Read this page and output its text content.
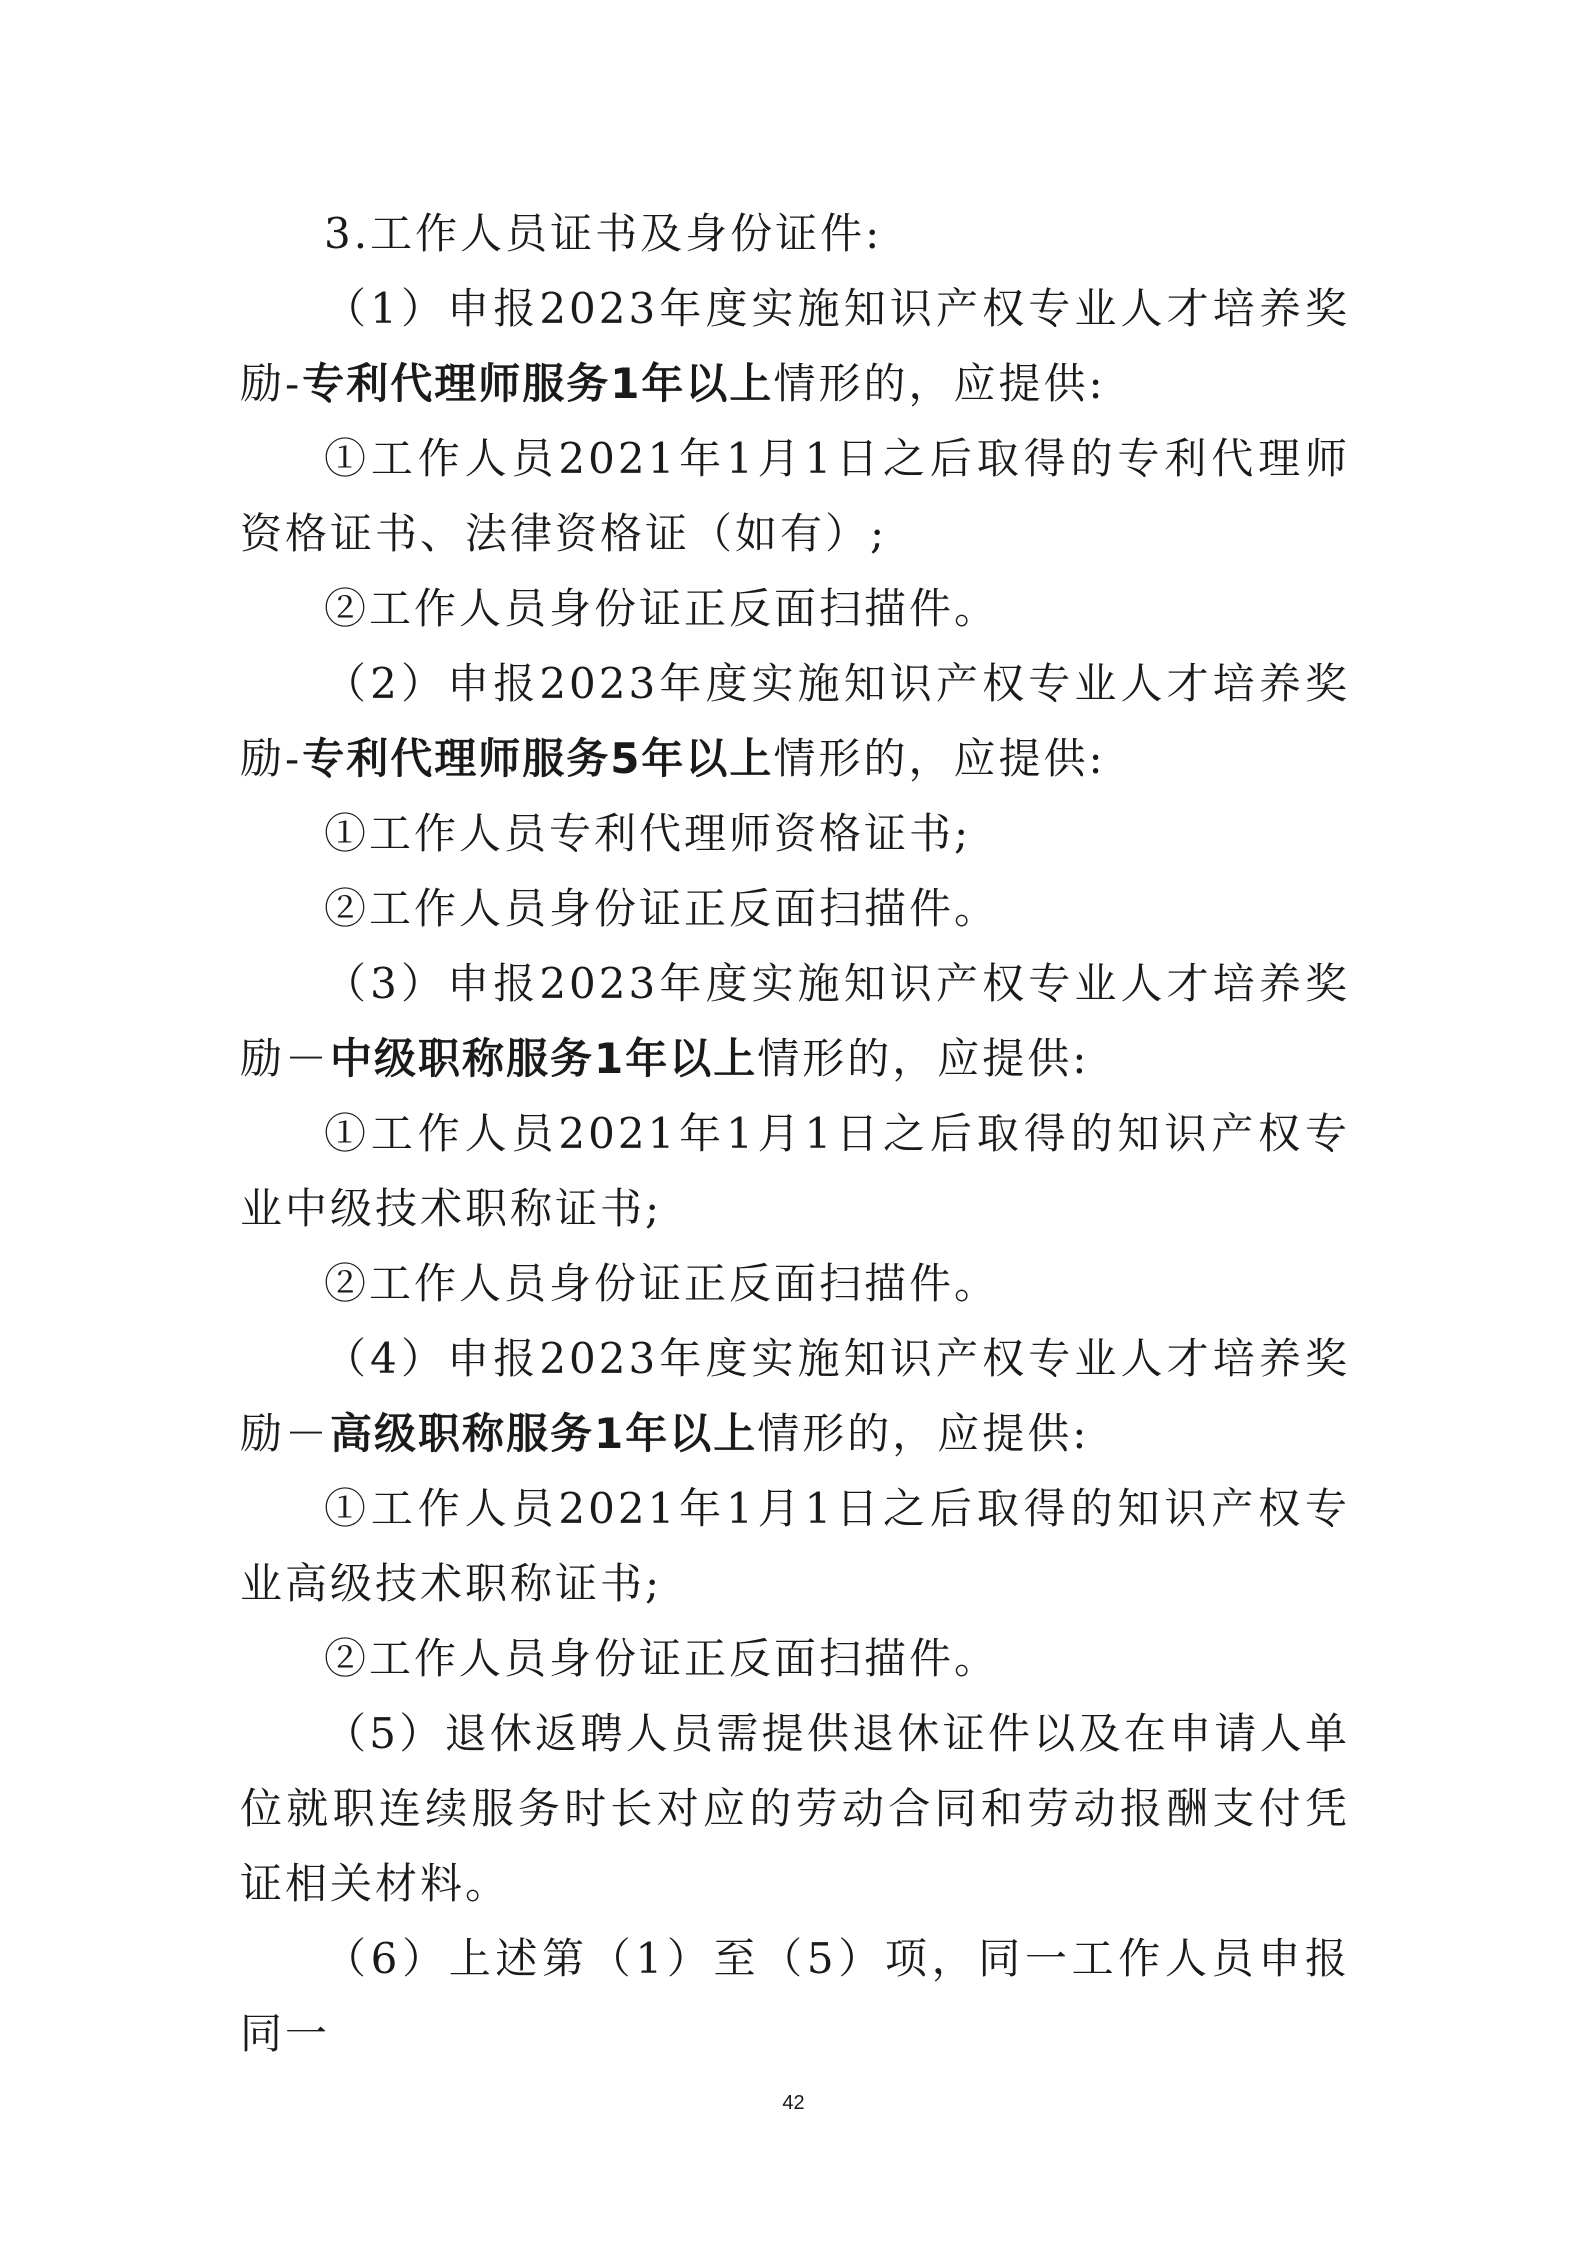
3.工作人员证书及身份证件:

（1）申报2023年度实施知识产权专业人才培养奖励-专利代理师服务1年以上情形的，应提供:

①工作人员2021年1月1日之后取得的专利代理师资格证书、法律资格证（如有）;

②工作人员身份证正反面扫描件。

（2）申报2023年度实施知识产权专业人才培养奖励-专利代理师服务5年以上情形的，应提供:

①工作人员专利代理师资格证书;

②工作人员身份证正反面扫描件。

（3）申报2023年度实施知识产权专业人才培养奖励－中级职称服务1年以上情形的，应提供:

①工作人员2021年1月1日之后取得的知识产权专业中级技术职称证书;

②工作人员身份证正反面扫描件。

（4）申报2023年度实施知识产权专业人才培养奖励－高级职称服务1年以上情形的，应提供:

①工作人员2021年1月1日之后取得的知识产权专业高级技术职称证书;

②工作人员身份证正反面扫描件。

（5）退休返聘人员需提供退休证件以及在申请人单位就职连续服务时长对应的劳动合同和劳动报酬支付凭证相关材料。

（6）上述第（1）至（5）项，同一工作人员申报同一

42
